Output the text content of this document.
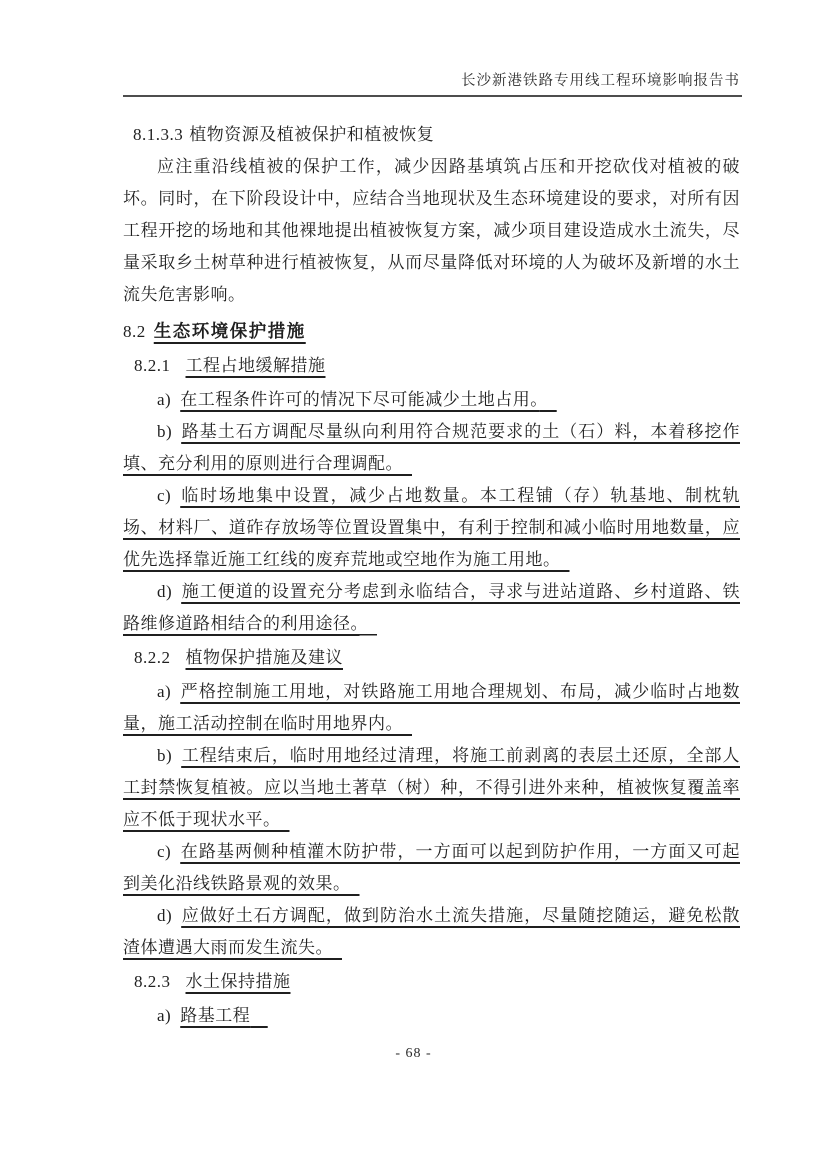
长沙新港铁路专用线工程环境影响报告书
8.1.3.3 植物资源及植被保护和植被恢复

应注重沿线植被的保护工作，减少因路基填筑占压和开挖砍伐对植被的破坏。同时，在下阶段设计中，应结合当地现状及生态环境建设的要求，对所有因工程开挖的场地和其他裸地提出植被恢复方案，减少项目建设造成水土流失，尽量采取乡土树草种进行植被恢复，从而尽量降低对环境的人为破坏及新增的水土流失危害影响。

8.2 生态环境保护措施
8.2.1 工程占地缓解措施

a) 在工程条件许可的情况下尽可能减少土地占用。

b) 路基土石方调配尽量纵向利用符合规范要求的土（石）料，本着移挖作填、充分利用的原则进行合理调配。

c) 临时场地集中设置，减少占地数量。本工程铺（存）轨基地、制枕轨场、材料厂、道砟存放场等位置设置集中，有利于控制和减小临时用地数量，应优先选择靠近施工红线的废弃荒地或空地作为施工用地。

d) 施工便道的设置充分考虑到永临结合，寻求与进站道路、乡村道路、铁路维修道路相结合的利用途径。

8.2.2 植物保护措施及建议

a) 严格控制施工用地，对铁路施工用地合理规划、布局，减少临时占地数量，施工活动控制在临时用地界内。

b) 工程结束后，临时用地经过清理，将施工前剥离的表层土还原，全部人工封禁恢复植被。应以当地土著草（树）种，不得引进外来种，植被恢复覆盖率应不低于现状水平。

c) 在路基两侧种植灌木防护带，一方面可以起到防护作用，一方面又可起到美化沿线铁路景观的效果。

d) 应做好土石方调配，做到防治水土流失措施，尽量随挖随运，避免松散渣体遭遇大雨而发生流失。

8.2.3 水土保持措施

a) 路基工程

- 68 -
